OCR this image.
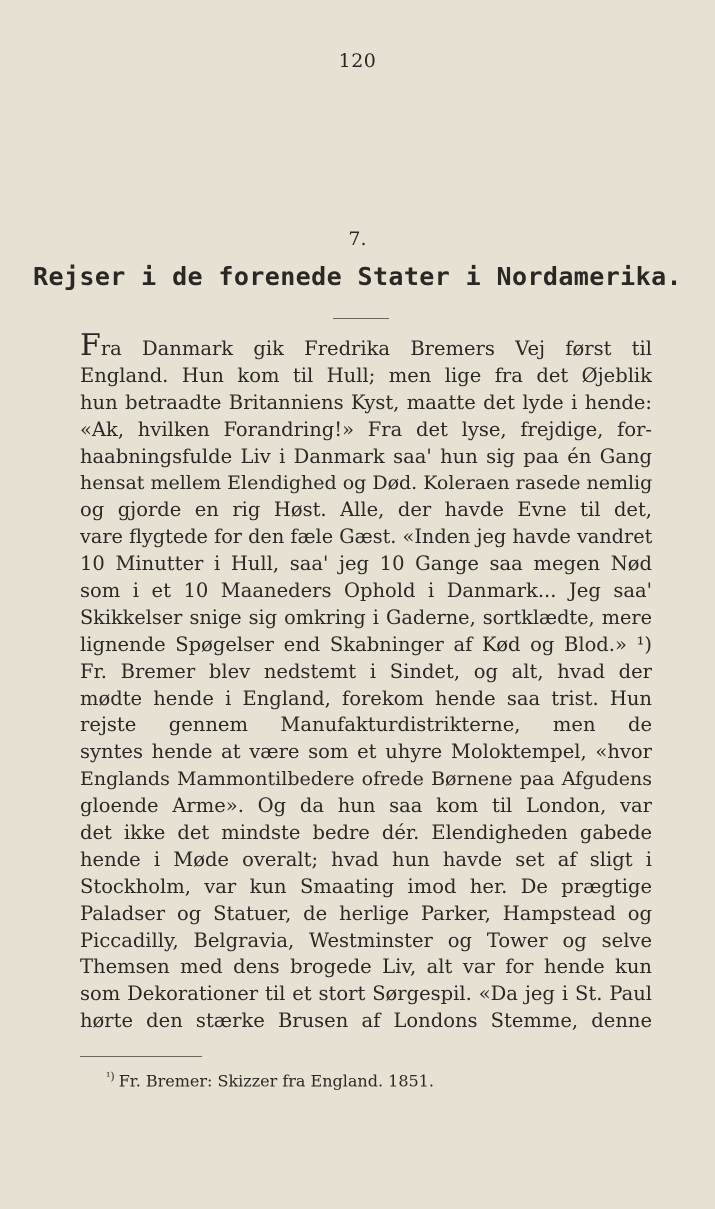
120
7.
Rejser i de forenede Stater i Nordamerika.
Fra Danmark gik Fredrika Bremers Vej først til
England. Hun kom til Hull; men lige fra det Øjeblik
hun betraadte Britanniens Kyst, maatte det lyde i hende:
«Ak, hvilken Forandring!» Fra det lyse, frejdige, for-
haabningsfulde Liv i Danmark saa' hun sig paa én Gang
hensat mellem Elendighed og Død. Koleraen rasede nemlig
og gjorde en rig Høst. Alle, der havde Evne til det,
vare flygtede for den fæle Gæst. «Inden jeg havde vandret
10 Minutter i Hull, saa' jeg 10 Gange saa megen Nød
som i et 10 Maaneders Ophold i Danmark... Jeg saa'
Skikkelser snige sig omkring i Gaderne, sortklædte, mere
lignende Spøgelser end Skabninger af Kød og Blod.» ¹)
Fr. Bremer blev nedstemt i Sindet, og alt, hvad der
mødte hende i England, forekom hende saa trist. Hun
rejste gennem Manufakturdistrikterne, men de
syntes hende at være som et uhyre Moloktempel, «hvor
Englands Mammontilbedere ofrede Børnene paa Afgudens
gloende Arme». Og da hun saa kom til London, var
det ikke det mindste bedre dér. Elendigheden gabede
hende i Møde overalt; hvad hun havde set af sligt i
Stockholm, var kun Smaating imod her. De prægtige
Paladser og Statuer, de herlige Parker, Hampstead og
Piccadilly, Belgravia, Westminster og Tower og selve
Themsen med dens brogede Liv, alt var for hende kun
som Dekorationer til et stort Sørgespil. «Da jeg i St. Paul
hørte den stærke Brusen af Londons Stemme, denne
$^{^1)}$ Fr. Bremer: Skizzer fra England. 1851.
